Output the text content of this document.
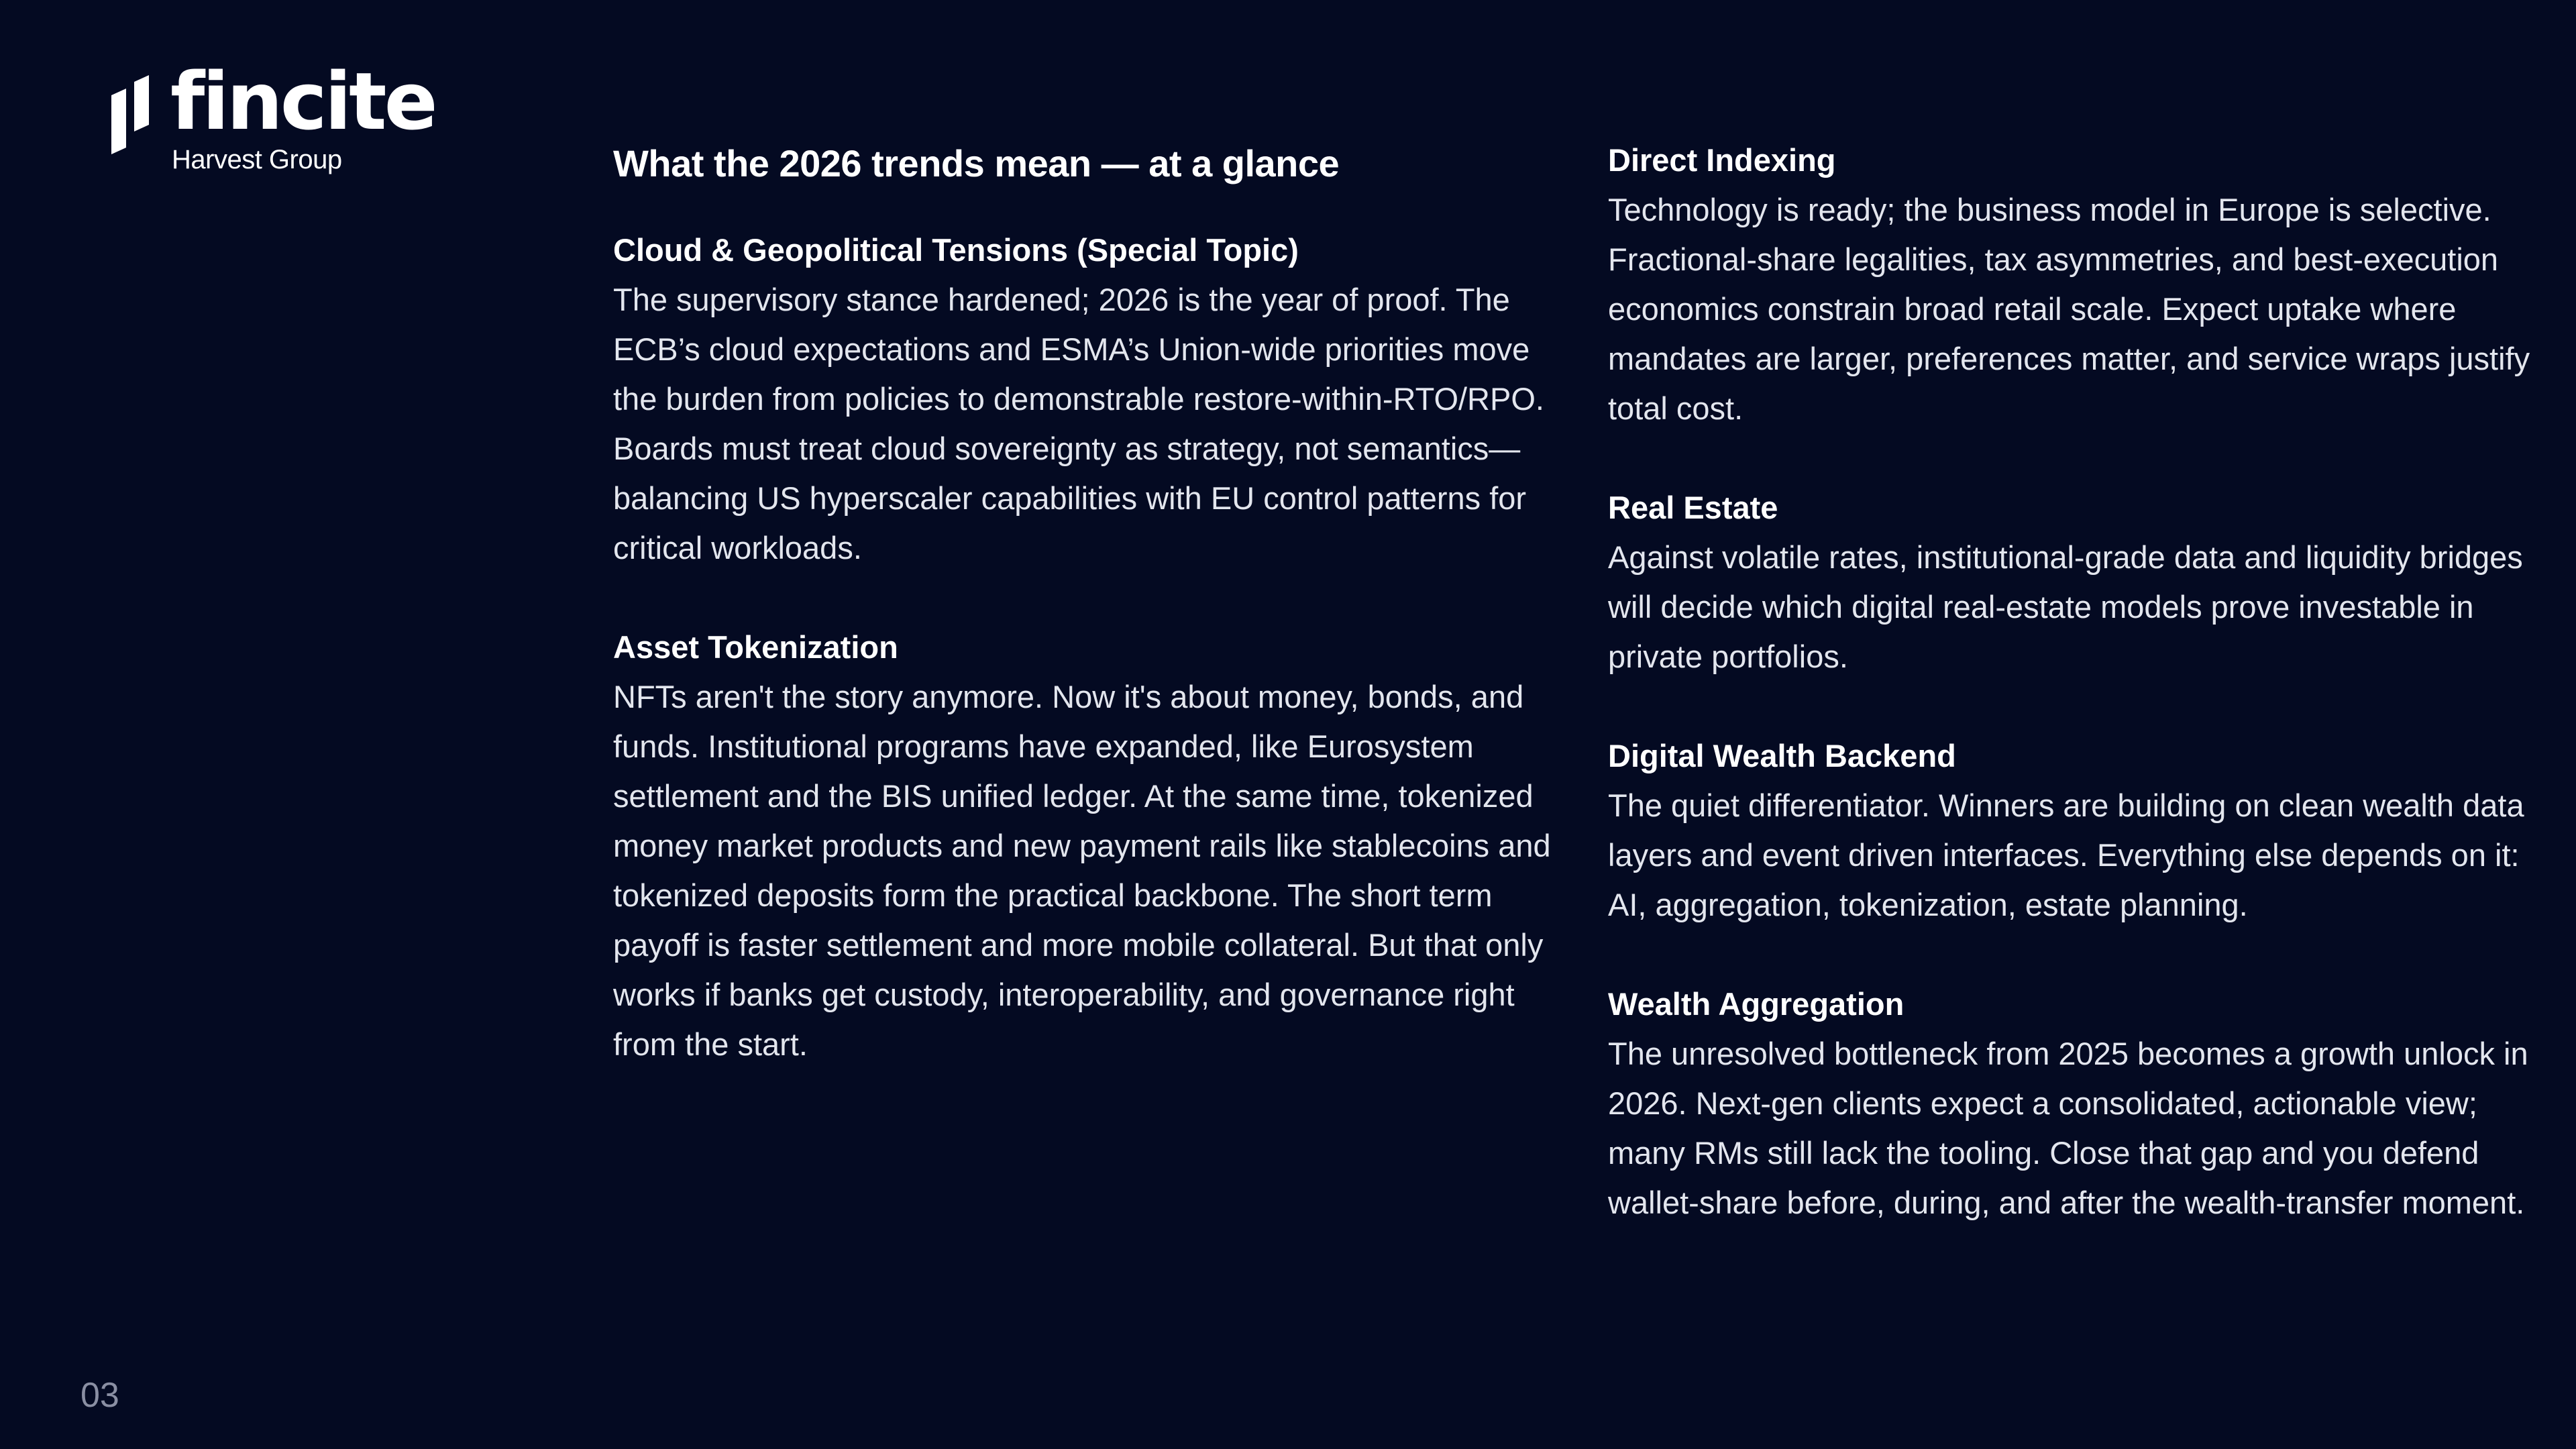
fincite
Harvest Group	What the 2026 trends mean — at a glance

Cloud & Geopolitical Tensions (Special Topic)

The supervisory stance hardened; 2026 is the year of proof. The ECB’s cloud expectations and ESMA’s Union-wide priorities move the burden from policies to demonstrable restore-within-RTO/RPO. Boards must treat cloud sovereignty as strategy, not semantics—balancing US hyperscaler capabilities with EU control patterns for critical workloads.

Asset Tokenization

NFTs aren't the story anymore. Now it's about money, bonds, and funds. Institutional programs have expanded, like Eurosystem settlement and the BIS unified ledger. At the same time, tokenized money market products and new payment rails like stablecoins and tokenized deposits form the practical backbone. The short term payoff is faster settlement and more mobile collateral. But that only works if banks get custody, interoperability, and governance right from the start.

Direct Indexing

Technology is ready; the business model in Europe is selective. Fractional-share legalities, tax asymmetries, and best-execution economics constrain broad retail scale. Expect uptake where mandates are larger, preferences matter, and service wraps justify total cost.

Real Estate

Against volatile rates, institutional-grade data and liquidity bridges will decide which digital real-estate models prove investable in private portfolios.

Digital Wealth Backend

The quiet differentiator. Winners are building on clean wealth data layers and event driven interfaces. Everything else depends on it: AI, aggregation, tokenization, estate planning.

Wealth Aggregation

The unresolved bottleneck from 2025 becomes a growth unlock in 2026. Next-gen clients expect a consolidated, actionable view; many RMs still lack the tooling. Close that gap and you defend wallet-share before, during, and after the wealth-transfer moment.

03
